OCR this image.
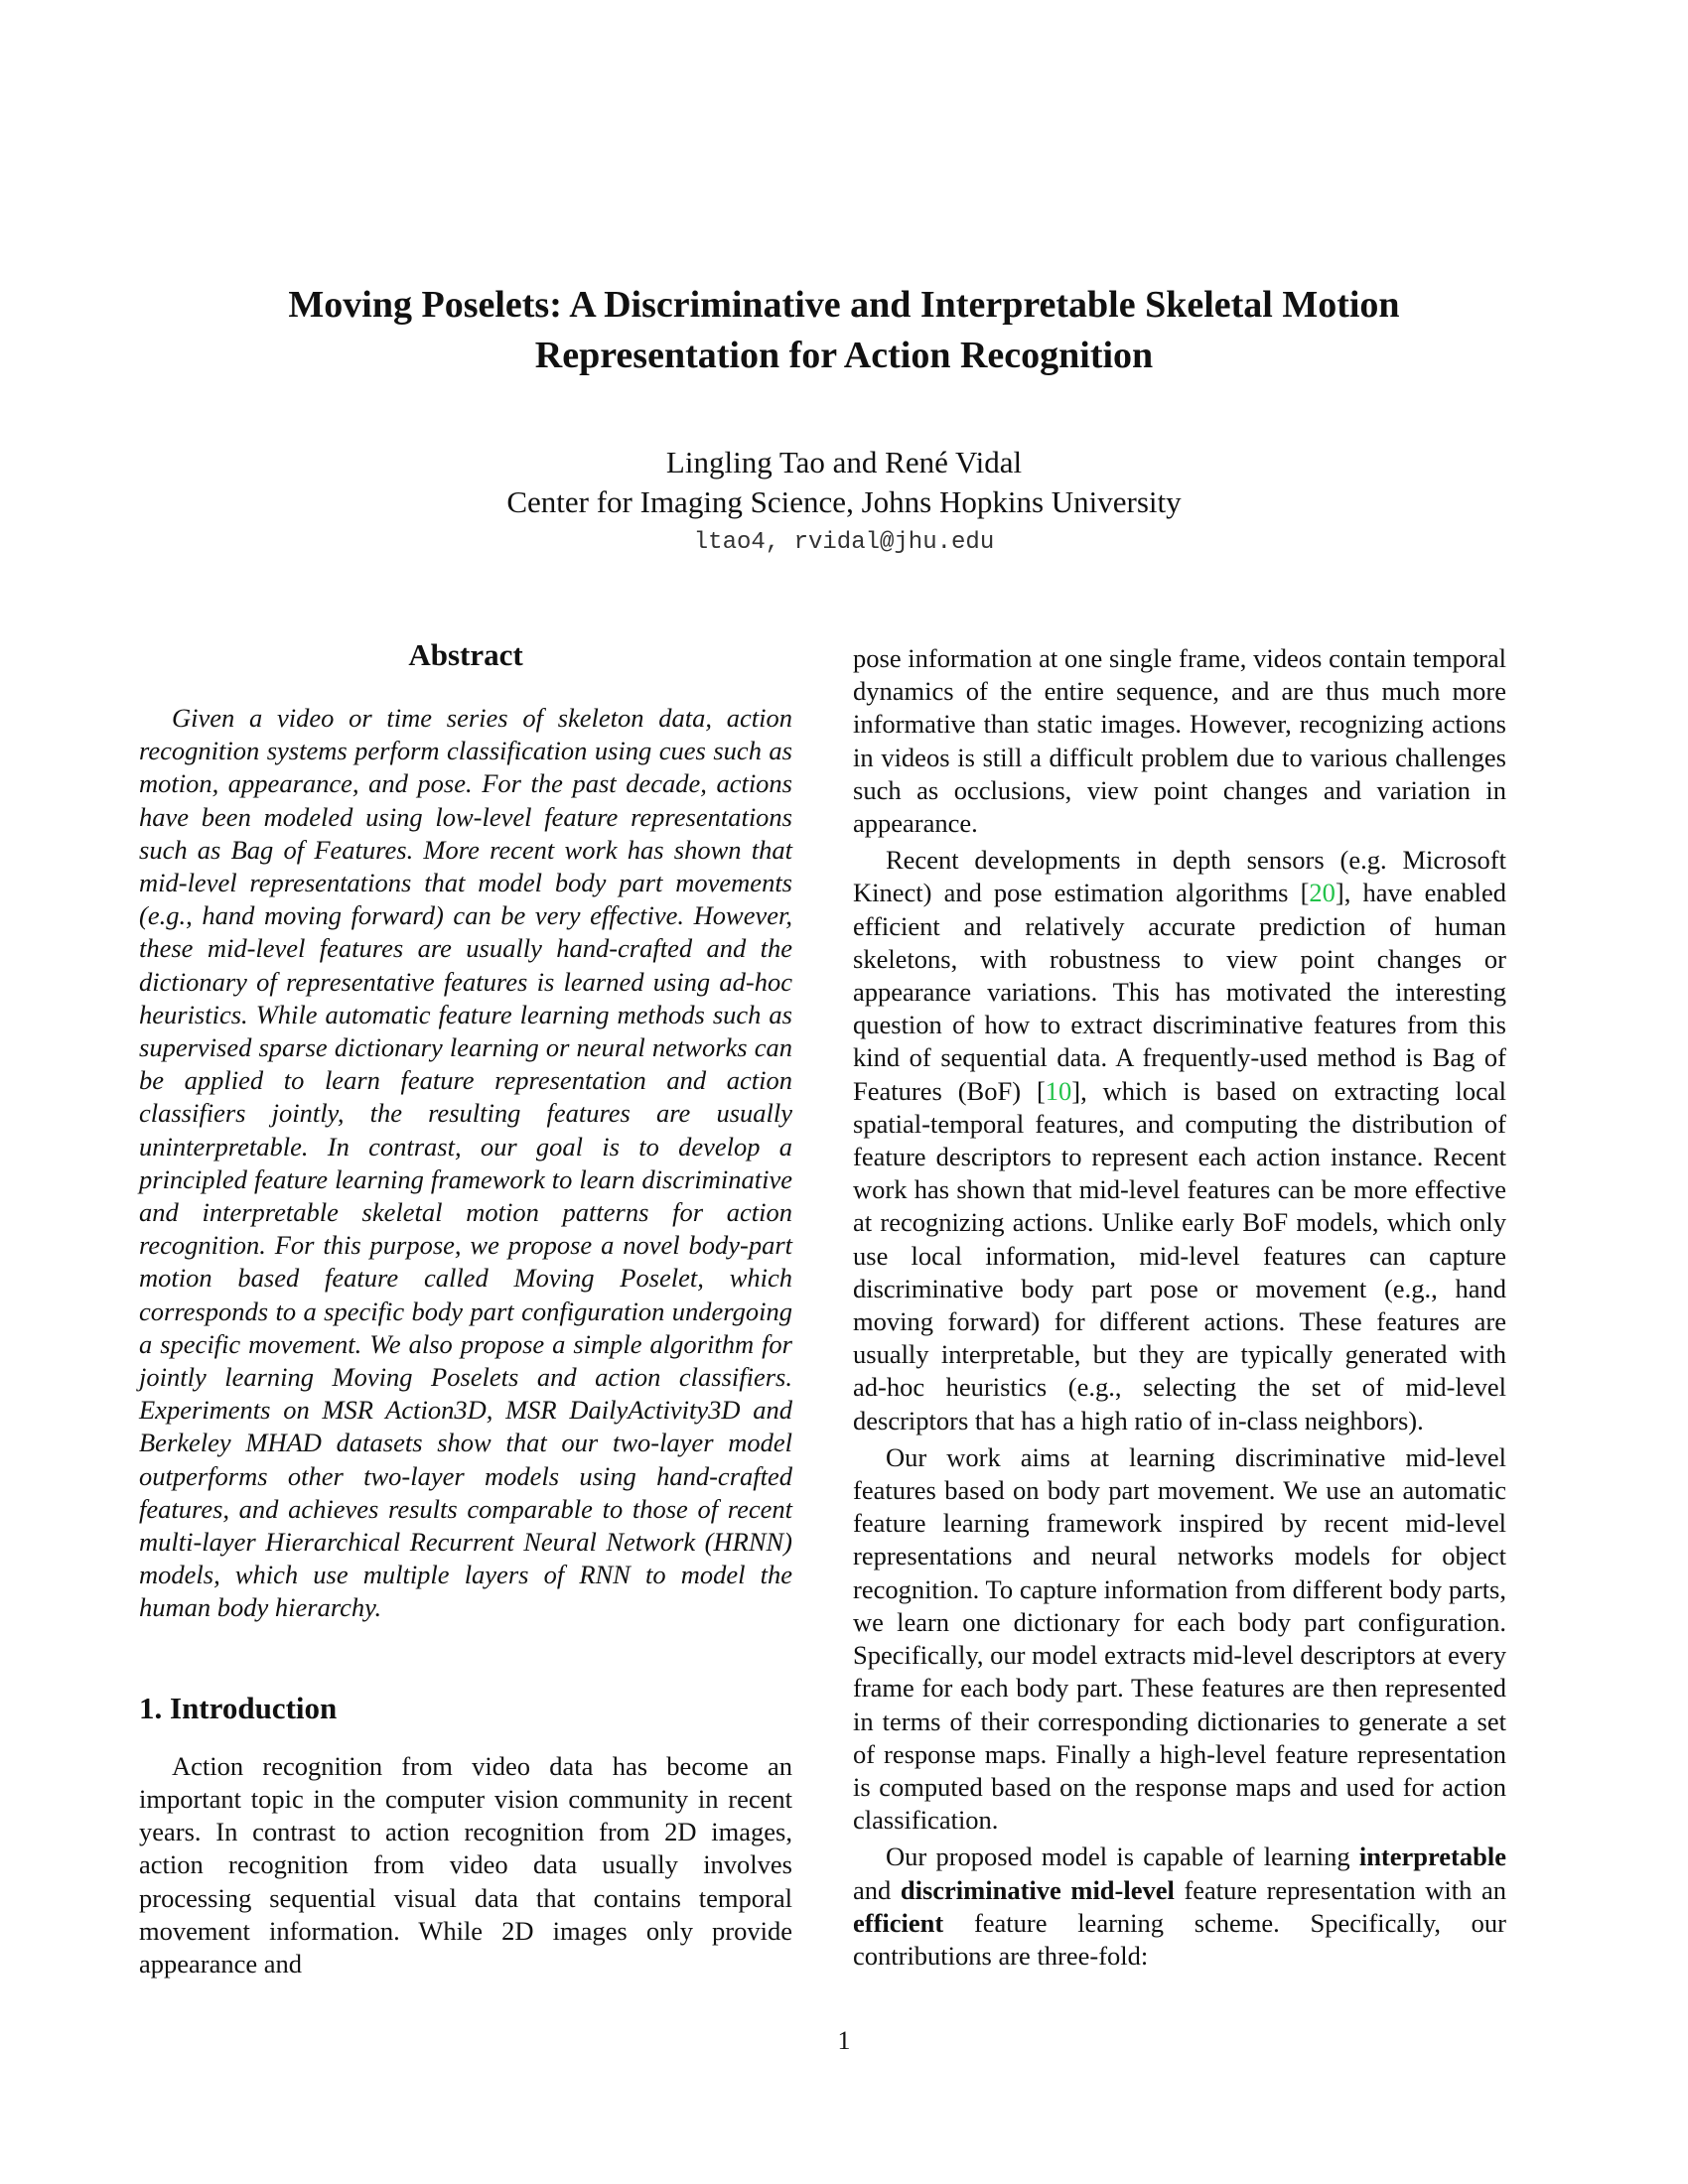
Moving Poselets: A Discriminative and Interpretable Skeletal Motion
Representation for Action Recognition

Lingling Tao and René Vidal

Center for Imaging Science, Johns Hopkins University

ltao4, rvidal@jhu.edu

Abstract

Given a video or time series of skeleton data, action recognition systems perform classification using cues such as motion, appearance, and pose. For the past decade, actions have been modeled using low-level feature representations such as Bag of Features. More recent work has shown that mid-level representations that model body part movements (e.g., hand moving forward) can be very effective. However, these mid-level features are usually hand-crafted and the dictionary of representative features is learned using ad-hoc heuristics. While automatic feature learning methods such as supervised sparse dictionary learning or neural networks can be applied to learn feature representation and action classifiers jointly, the resulting features are usually uninterpretable. In contrast, our goal is to develop a principled feature learning framework to learn discriminative and interpretable skeletal motion patterns for action recognition. For this purpose, we propose a novel body-part motion based feature called Moving Poselet, which corresponds to a specific body part configuration undergoing a specific movement. We also propose a simple algorithm for jointly learning Moving Poselets and action classifiers. Experiments on MSR Action3D, MSR DailyActivity3D and Berkeley MHAD datasets show that our two-layer model outperforms other two-layer models using hand-crafted features, and achieves results comparable to those of recent multi-layer Hierarchical Recurrent Neural Network (HRNN) models, which use multiple layers of RNN to model the human body hierarchy.

1. Introduction

Action recognition from video data has become an important topic in the computer vision community in recent years. In contrast to action recognition from 2D images, action recognition from video data usually involves processing sequential visual data that contains temporal movement information. While 2D images only provide appearance and

pose information at one single frame, videos contain temporal dynamics of the entire sequence, and are thus much more informative than static images. However, recognizing actions in videos is still a difficult problem due to various challenges such as occlusions, view point changes and variation in appearance.

Recent developments in depth sensors (e.g. Microsoft Kinect) and pose estimation algorithms [20], have enabled efficient and relatively accurate prediction of human skeletons, with robustness to view point changes or appearance variations. This has motivated the interesting question of how to extract discriminative features from this kind of sequential data. A frequently-used method is Bag of Features (BoF) [10], which is based on extracting local spatial-temporal features, and computing the distribution of feature descriptors to represent each action instance. Recent work has shown that mid-level features can be more effective at recognizing actions. Unlike early BoF models, which only use local information, mid-level features can capture discriminative body part pose or movement (e.g., hand moving forward) for different actions. These features are usually interpretable, but they are typically generated with ad-hoc heuristics (e.g., selecting the set of mid-level descriptors that has a high ratio of in-class neighbors).

Our work aims at learning discriminative mid-level features based on body part movement. We use an automatic feature learning framework inspired by recent mid-level representations and neural networks models for object recognition. To capture information from different body parts, we learn one dictionary for each body part configuration. Specifically, our model extracts mid-level descriptors at every frame for each body part. These features are then represented in terms of their corresponding dictionaries to generate a set of response maps. Finally a high-level feature representation is computed based on the response maps and used for action classification.

Our proposed model is capable of learning interpretable and discriminative mid-level feature representation with an efficient feature learning scheme. Specifically, our contributions are three-fold:

1
